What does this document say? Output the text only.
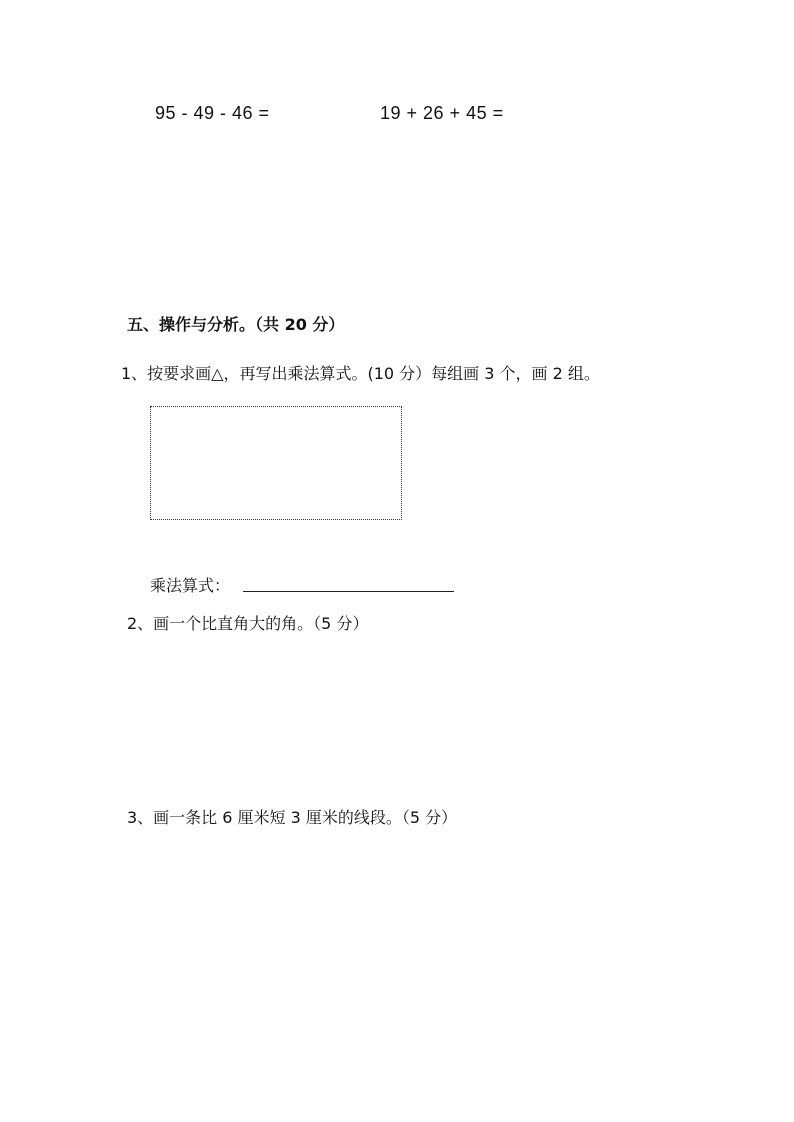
95 - 49 - 46 =	19 + 26 + 45 =
五、操作与分析。（共 20 分）
1、按要求画△，再写出乘法算式。(10 分）每组画 3 个，画 2 组。
乘法算式：
2、画一个比直角大的角。（5 分）
3、画一条比 6 厘米短 3 厘米的线段。（5 分）
